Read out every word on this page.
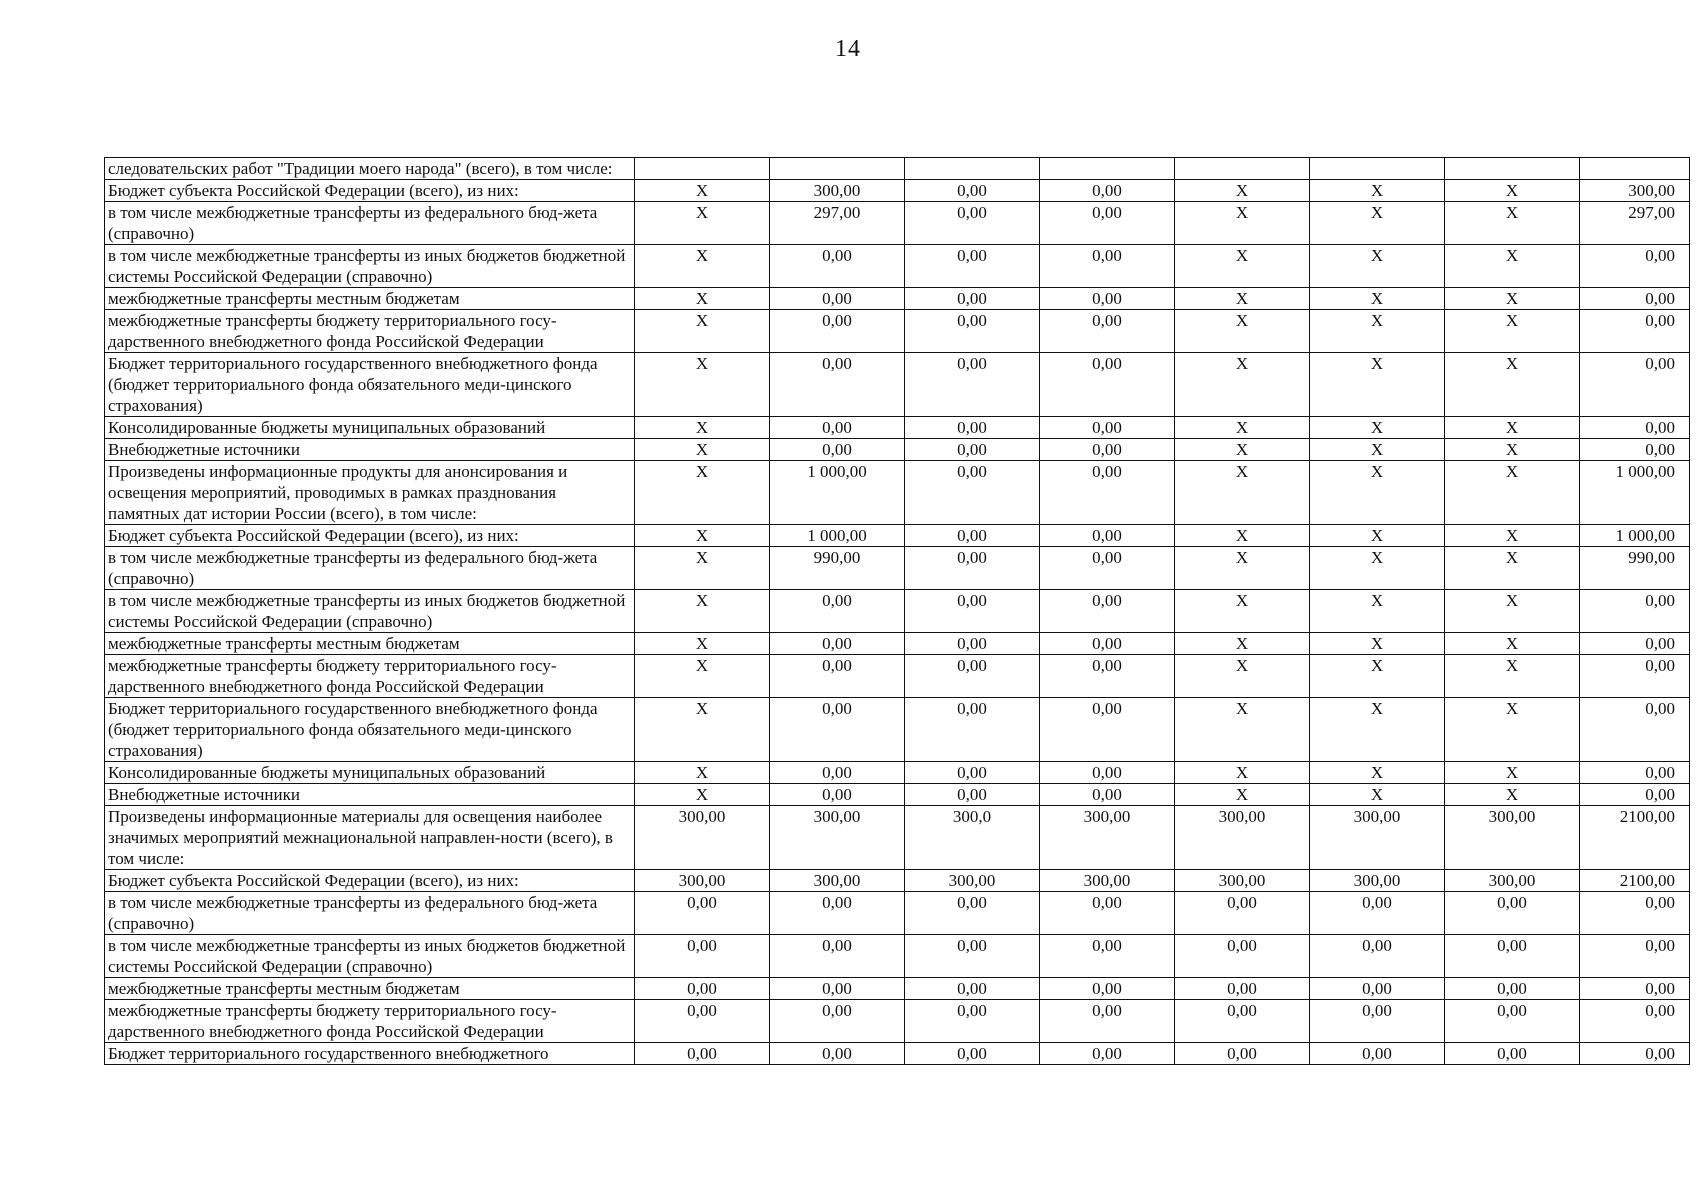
14
следовательских работ "Традиции моего народа" (всего), в том числе:								
Бюджет субъекта Российской Федерации (всего), из них:	X	300,00	0,00	0,00	X	X	X	300,00
в том числе межбюджетные трансферты из федерального бюд-жета (справочно)	X	297,00	0,00	0,00	X	X	X	297,00
в том числе межбюджетные трансферты из иных бюджетов бюджетной системы Российской Федерации (справочно)	X	0,00	0,00	0,00	X	X	X	0,00
межбюджетные трансферты местным бюджетам	X	0,00	0,00	0,00	X	X	X	0,00
межбюджетные трансферты бюджету территориального госу-дарственного внебюджетного фонда Российской Федерации	X	0,00	0,00	0,00	X	X	X	0,00
Бюджет территориального государственного внебюджетного фонда (бюджет территориального фонда обязательного меди-цинского страхования)	X	0,00	0,00	0,00	X	X	X	0,00
Консолидированные бюджеты муниципальных образований	X	0,00	0,00	0,00	X	X	X	0,00
Внебюджетные источники	X	0,00	0,00	0,00	X	X	X	0,00
Произведены информационные продукты для анонсирования и освещения мероприятий, проводимых в рамках празднования памятных дат истории России (всего), в том числе:	X	1 000,00	0,00	0,00	X	X	X	1 000,00
Бюджет субъекта Российской Федерации (всего), из них:	X	1 000,00	0,00	0,00	X	X	X	1 000,00
в том числе межбюджетные трансферты из федерального бюд-жета (справочно)	X	990,00	0,00	0,00	X	X	X	990,00
в том числе межбюджетные трансферты из иных бюджетов бюджетной системы Российской Федерации (справочно)	X	0,00	0,00	0,00	X	X	X	0,00
межбюджетные трансферты местным бюджетам	X	0,00	0,00	0,00	X	X	X	0,00
межбюджетные трансферты бюджету территориального госу-дарственного внебюджетного фонда Российской Федерации	X	0,00	0,00	0,00	X	X	X	0,00
Бюджет территориального государственного внебюджетного фонда (бюджет территориального фонда обязательного меди-цинского страхования)	X	0,00	0,00	0,00	X	X	X	0,00
Консолидированные бюджеты муниципальных образований	X	0,00	0,00	0,00	X	X	X	0,00
Внебюджетные источники	X	0,00	0,00	0,00	X	X	X	0,00
Произведены информационные материалы для освещения наиболее значимых мероприятий межнациональной направлен-ности (всего), в том числе:	300,00	300,00	300,0	300,00	300,00	300,00	300,00	2100,00
Бюджет субъекта Российской Федерации (всего), из них:	300,00	300,00	300,00	300,00	300,00	300,00	300,00	2100,00
в том числе межбюджетные трансферты из федерального бюд-жета (справочно)	0,00	0,00	0,00	0,00	0,00	0,00	0,00	0,00
в том числе межбюджетные трансферты из иных бюджетов бюджетной системы Российской Федерации (справочно)	0,00	0,00	0,00	0,00	0,00	0,00	0,00	0,00
межбюджетные трансферты местным бюджетам	0,00	0,00	0,00	0,00	0,00	0,00	0,00	0,00
межбюджетные трансферты бюджету территориального госу-дарственного внебюджетного фонда Российской Федерации	0,00	0,00	0,00	0,00	0,00	0,00	0,00	0,00
Бюджет территориального государственного внебюджетного	0,00	0,00	0,00	0,00	0,00	0,00	0,00	0,00
